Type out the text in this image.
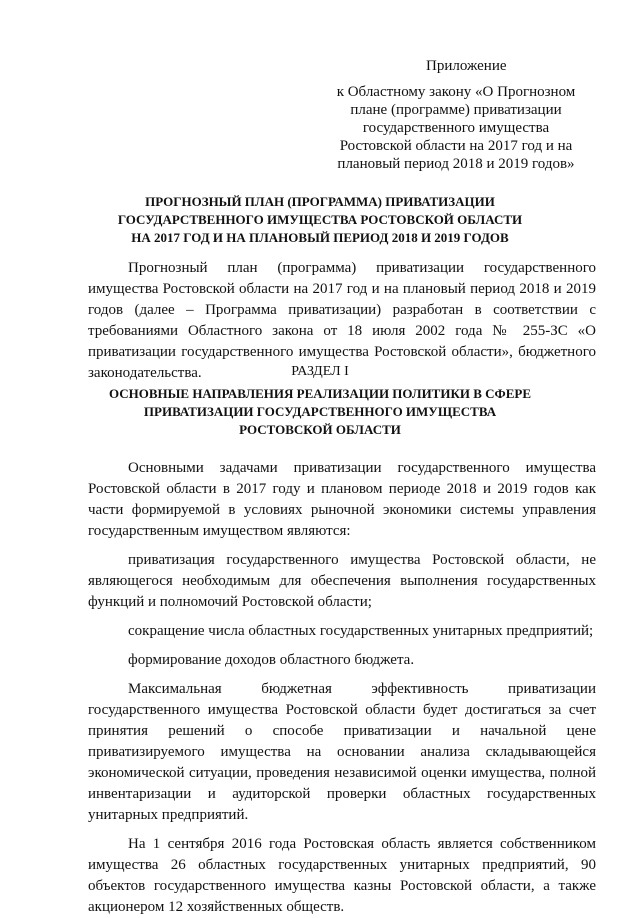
Приложение
к Областному закону «О Прогнозном
плане (программе) приватизации
государственного имущества
Ростовской области на 2017 год и на
плановый период 2018 и 2019 годов»
ПРОГНОЗНЫЙ ПЛАН (ПРОГРАММА) ПРИВАТИЗАЦИИ
ГОСУДАРСТВЕННОГО ИМУЩЕСТВА РОСТОВСКОЙ ОБЛАСТИ
НА 2017 ГОД И НА ПЛАНОВЫЙ ПЕРИОД 2018 И 2019 ГОДОВ

Прогнозный план (программа) приватизации государственного имущества Ростовской области на 2017 год и на плановый период 2018 и 2019 годов (далее – Программа приватизации) разработан в соответствии с требованиями Областного закона от 18 июля 2002 года № 255-ЗС «О приватизации государственного имущества Ростовской области», бюджетного законодательства.	РАЗДЕЛ I
ОСНОВНЫЕ НАПРАВЛЕНИЯ РЕАЛИЗАЦИИ ПОЛИТИКИ В СФЕРЕ
ПРИВАТИЗАЦИИ ГОСУДАРСТВЕННОГО ИМУЩЕСТВА
РОСТОВСКОЙ ОБЛАСТИ

Основными задачами приватизации государственного имущества Ростовской области в 2017 году и плановом периоде 2018 и 2019 годов как части формируемой в условиях рыночной экономики системы управления государственным имуществом являются:

приватизация государственного имущества Ростовской области, не являющегося необходимым для обеспечения выполнения государственных функций и полномочий Ростовской области;

сокращение числа областных государственных унитарных предприятий;

формирование доходов областного бюджета.

Максимальная бюджетная эффективность приватизации государственного имущества Ростовской области будет достигаться за счет принятия решений о способе приватизации и начальной цене приватизируемого имущества на основании анализа складывающейся экономической ситуации, проведения независимой оценки имущества, полной инвентаризации и аудиторской проверки областных государственных унитарных предприятий.

На 1 сентября 2016 года Ростовская область является собственником имущества 26 областных государственных унитарных предприятий, 90 объектов государственного имущества казны Ростовской области, а также акционером 12 хозяйственных обществ.
